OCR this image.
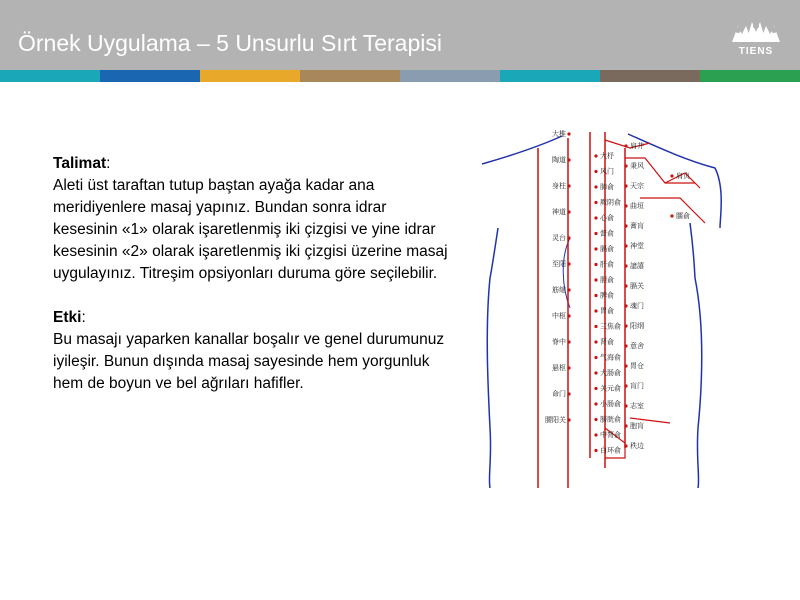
Örnek Uygulama – 5 Unsurlu Sırt Terapisi	TIENS

Talimat:

Aleti üst taraftan tutup baştan ayağa kadar ana meridiyenlere masaj yapınız. Bundan sonra idrar kesesinin «1» olarak işaretlenmiş iki çizgisi ve yine idrar kesesinin «2» olarak işaretlenmiş iki çizgisi üzerine masaj uygulayınız. Titreşim opsiyonları duruma göre seçilebilir.

Etki:

Bu masajı yaparken kanallar boşalır ve genel durumunuz iyileşir. Bunun dışında masaj sayesinde hem yorgunluk hem de boyun ve bel ağrıları hafifler.

大椎
陶道
身柱
神道
灵台
至阳
筋缩
中枢
脊中
悬枢
命门
腰阳关
大杼
风门
肺俞
厥阴俞
心俞
督俞
膈俞
肝俞
胆俞
脾俞
胃俞
三焦俞
肾俞
气海俞
大肠俞
关元俞
小肠俞
膀胱俞
中膂俞
白环俞
肩井
秉风
天宗
曲垣
膏肓
神堂
譩譆
膈关
魂门
阳纲
意舍
胃仓
肓门
志室
胞肓
秩边
肩贞
臑俞
